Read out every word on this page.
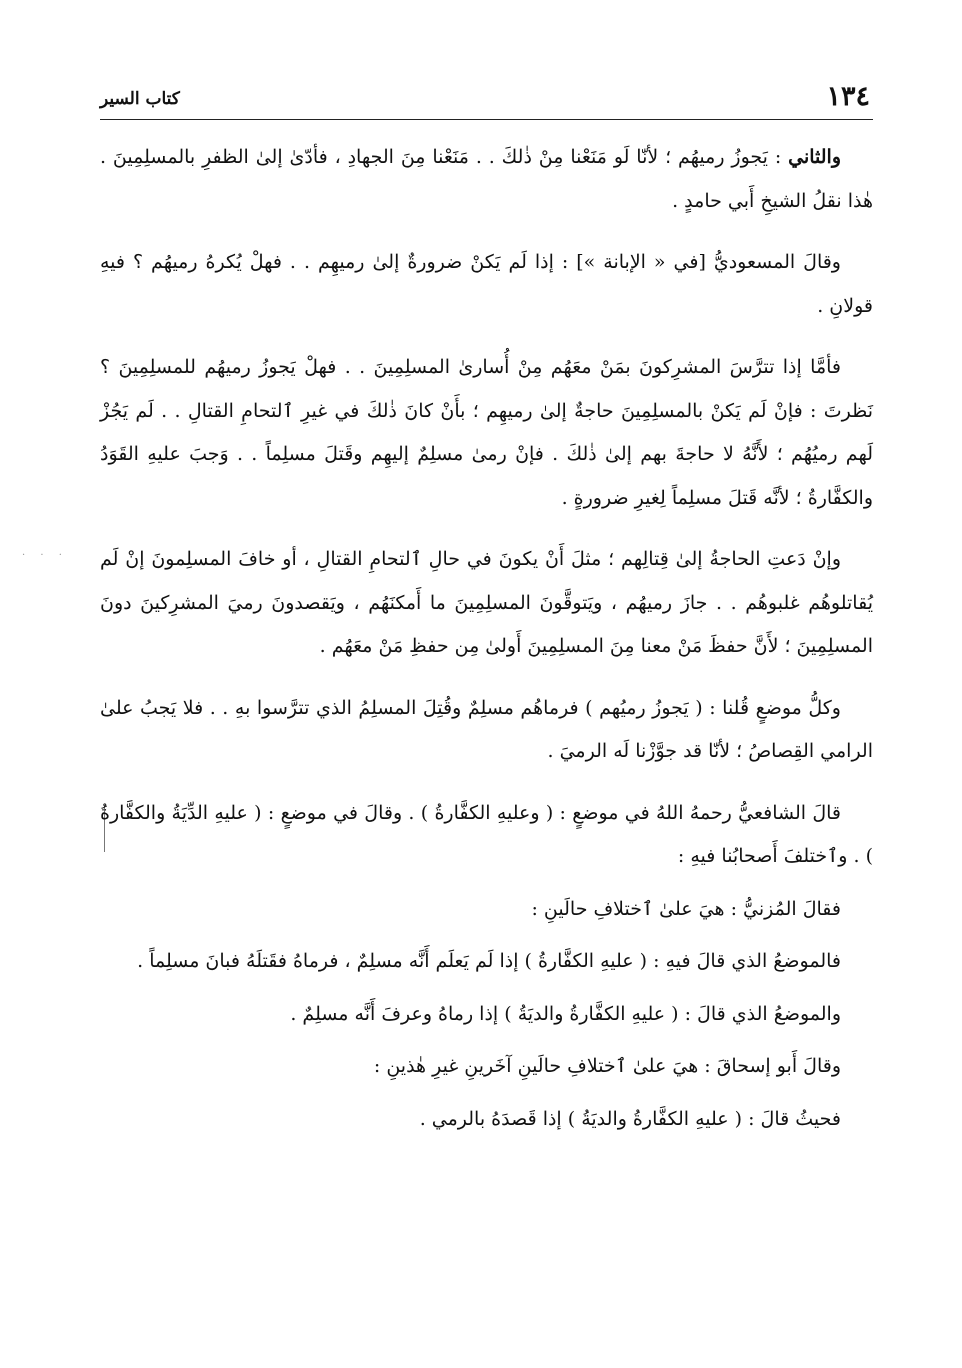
١٣٤
كتاب السير
· · ·

والثاني : يَجوزُ رميهُم ؛ لأنّا لَو مَنَعْنا مِنْ ذٰلكَ . . مَنَعْنا مِنَ الجهادِ ، فأدّىٰ إلىٰ الظفرِ بالمسلِمِينَ . هٰذا نقلُ الشيخِ أَبي حامدٍ .

وقالَ المسعوديُّ [في « الإبانة »] : إذا لَم يَكنْ ضرورةٌ إلىٰ رميهِم . . فهلْ يُكرهُ رميهُم ؟ فيهِ قولانِ .

فأمَّا إذا تترَّسَ المشرِكونَ بمَنْ معَهُم مِنْ أُسارىٰ المسلِمِينَ . . فهلْ يَجوزُ رميهُم للمسلِمِينَ ؟ نَظرتَ : فإنْ لَم يَكنْ بالمسلِمِينَ حاجةٌ إلىٰ رميهِم ؛ بأَنْ كانَ ذٰلكَ في غيرِ ٱلتحامِ القتالِ . . لَم يَجُزْ لَهم رميُهُم ؛ لأَنَّهُ لا حاجةَ بهم إلىٰ ذٰلكَ . فإنْ رمىٰ مسلِمٌ إليهِم وقَتلَ مسلِماً . . وَجبَ عليهِ القَوَدُ والكفَّارةُ ؛ لأنَّه قَتلَ مسلِماً لِغيرِ ضرورةٍ .

وإنْ دَعتِ الحاجةُ إلىٰ قِتالِهم ؛ مثلَ أَنْ يكونَ في حالِ ٱلتحامِ القتالِ ، أو خافَ المسلِمونَ إنْ لَم يُقاتلوهُم غلبوهُم . . جازَ رميهُم ، ويَتوقَّونَ المسلِمِينَ ما أَمكنَهُم ، ويَقصدونَ رميَ المشرِكينَ دونَ المسلِمِينَ ؛ لأَنَّ حفظَ مَنْ معنا مِنَ المسلِمِينَ أَولىٰ مِن حفظِ مَنْ معَهُم .

وكلُّ موضعٍ قُلنا : ( يَجوزُ رميُهم ) فرماهُم مسلِمٌ وقُتِلَ المسلِمُ الذي تترَّسوا بهِ . . فلا يَجبُ علىٰ الرامي القِصاصُ ؛ لأنّا قد جوَّزْنا لَه الرميَ .

قالَ الشافعيُّ رحمهُ اللهُ في موضعٍ : ( وعليهِ الكفَّارةُ ) . وقالَ في موضعٍ : ( عليهِ الدِّيَةُ والكفَّارةُ ) . وٱختلفَ أَصحابُنا فيهِ :

فقالَ المُزنيُّ : هيَ علىٰ ٱختلافِ حالَينِ :

فالموضعُ الذي قالَ فيهِ : ( عليهِ الكفَّارةُ ) إذا لَم يَعلَم أَنَّه مسلِمٌ ، فرماهُ فقَتلَهُ فبانَ مسلِماً .

والموضعُ الذي قالَ : ( عليهِ الكفَّارةُ والديَةُ ) إذا رماهُ وعرفَ أَنَّه مسلِمٌ .

وقالَ أَبو إسحاقَ : هيَ علىٰ ٱختلافِ حالَينِ آخَرينِ غيرِ هٰذينِ :

فحيثُ قالَ : ( عليهِ الكفَّارةُ والديَةُ ) إذا قَصدَهُ بالرمي .
